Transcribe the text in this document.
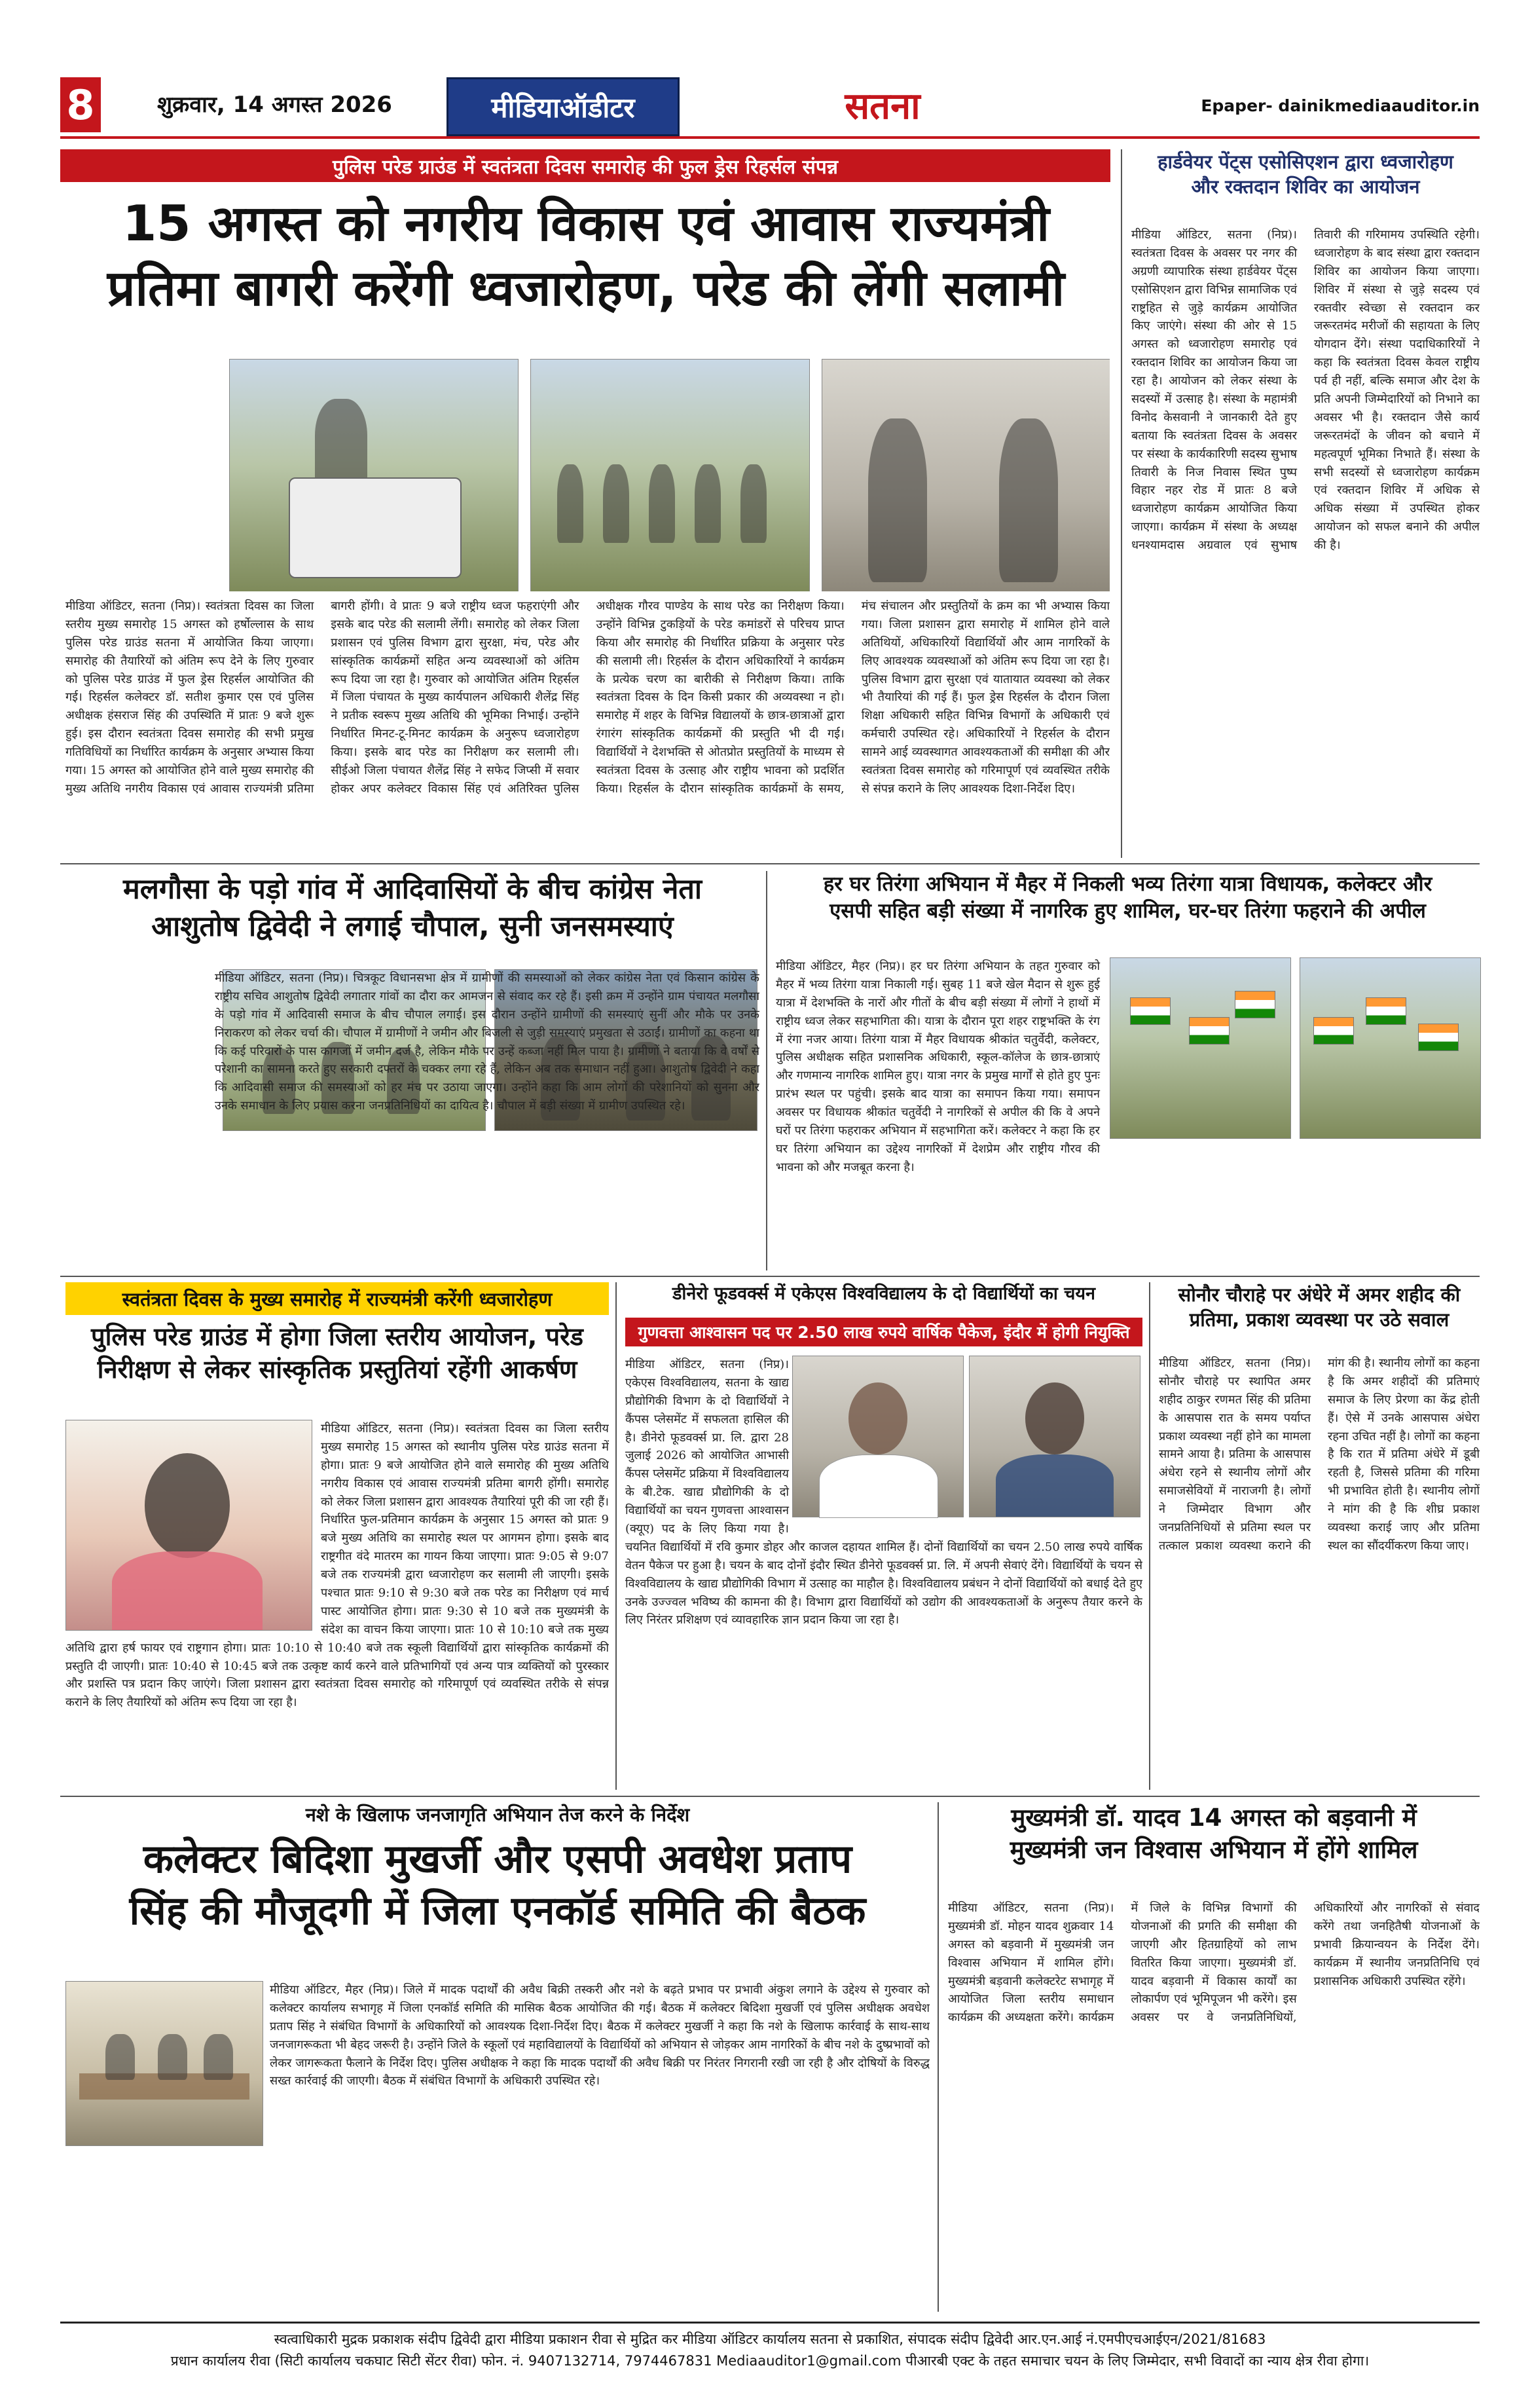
8	शुक्रवार, 14 अगस्त 2026	मीडियाऑडीटर	सतना	Epaper- dainikmediaauditor.in
पुलिस परेड ग्राउंड में स्वतंत्रता दिवस समारोह की फुल ड्रेस रिहर्सल संपन्न
15 अगस्त को नगरीय विकास एवं आवास राज्यमंत्री
प्रतिमा बागरी करेंगी ध्वजारोहण, परेड की लेंगी सलामी
मीडिया ऑडिटर, सतना (निप्र)। स्वतंत्रता दिवस का जिला स्तरीय मुख्य समारोह 15 अगस्त को हर्षोल्लास के साथ पुलिस परेड ग्राउंड सतना में आयोजित किया जाएगा। समारोह की तैयारियों को अंतिम रूप देने के लिए गुरुवार को पुलिस परेड ग्राउंड में फुल ड्रेस रिहर्सल आयोजित की गई। रिहर्सल कलेक्टर डॉ. सतीश कुमार एस एवं पुलिस अधीक्षक हंसराज सिंह की उपस्थिति में प्रातः 9 बजे शुरू हुई। इस दौरान स्वतंत्रता दिवस समारोह की सभी प्रमुख गतिविधियों का निर्धारित कार्यक्रम के अनुसार अभ्यास किया गया। 15 अगस्त को आयोजित होने वाले मुख्य समारोह की मुख्य अतिथि नगरीय विकास एवं आवास राज्यमंत्री प्रतिमा बागरी होंगी। वे प्रातः 9 बजे राष्ट्रीय ध्वज फहराएंगी और इसके बाद परेड की सलामी लेंगी। समारोह को लेकर जिला प्रशासन एवं पुलिस विभाग द्वारा सुरक्षा, मंच, परेड और सांस्कृतिक कार्यक्रमों सहित अन्य व्यवस्थाओं को अंतिम रूप दिया जा रहा है। गुरुवार को आयोजित अंतिम रिहर्सल में जिला पंचायत के मुख्य कार्यपालन अधिकारी शैलेंद्र सिंह ने प्रतीक स्वरूप मुख्य अतिथि की भूमिका निभाई। उन्होंने निर्धारित मिनट-टू-मिनट कार्यक्रम के अनुरूप ध्वजारोहण किया। इसके बाद परेड का निरीक्षण कर सलामी ली। सीईओ जिला पंचायत शैलेंद्र सिंह ने सफेद जिप्सी में सवार होकर अपर कलेक्टर विकास सिंह एवं अतिरिक्त पुलिस अधीक्षक गौरव पाण्डेय के साथ परेड का निरीक्षण किया। उन्होंने विभिन्न टुकड़ियों के परेड कमांडरों से परिचय प्राप्त किया और समारोह की निर्धारित प्रक्रिया के अनुसार परेड की सलामी ली। रिहर्सल के दौरान अधिकारियों ने कार्यक्रम के प्रत्येक चरण का बारीकी से निरीक्षण किया। ताकि स्वतंत्रता दिवस के दिन किसी प्रकार की अव्यवस्था न हो। समारोह में शहर के विभिन्न विद्यालयों के छात्र-छात्राओं द्वारा रंगारंग सांस्कृतिक कार्यक्रमों की प्रस्तुति भी दी गई। विद्यार्थियों ने देशभक्ति से ओतप्रोत प्रस्तुतियों के माध्यम से स्वतंत्रता दिवस के उत्साह और राष्ट्रीय भावना को प्रदर्शित किया। रिहर्सल के दौरान सांस्कृतिक कार्यक्रमों के समय, मंच संचालन और प्रस्तुतियों के क्रम का भी अभ्यास किया गया। जिला प्रशासन द्वारा समारोह में शामिल होने वाले अतिथियों, अधिकारियों विद्यार्थियों और आम नागरिकों के लिए आवश्यक व्यवस्थाओं को अंतिम रूप दिया जा रहा है। पुलिस विभाग द्वारा सुरक्षा एवं यातायात व्यवस्था को लेकर भी तैयारियां की गई हैं। फुल ड्रेस रिहर्सल के दौरान जिला शिक्षा अधिकारी सहित विभिन्न विभागों के अधिकारी एवं कर्मचारी उपस्थित रहे। अधिकारियों ने रिहर्सल के दौरान सामने आई व्यवस्थागत आवश्यकताओं की समीक्षा की और स्वतंत्रता दिवस समारोह को गरिमापूर्ण एवं व्यवस्थित तरीके से संपन्न कराने के लिए आवश्यक दिशा-निर्देश दिए।
हार्डवेयर पेंट्स एसोसिएशन द्वारा ध्वजारोहण
और रक्तदान शिविर का आयोजन
मीडिया ऑडिटर, सतना (निप्र)। स्वतंत्रता दिवस के अवसर पर नगर की अग्रणी व्यापारिक संस्था हार्डवेयर पेंट्स एसोसिएशन द्वारा विभिन्न सामाजिक एवं राष्ट्रहित से जुड़े कार्यक्रम आयोजित किए जाएंगे। संस्था की ओर से 15 अगस्त को ध्वजारोहण समारोह एवं रक्तदान शिविर का आयोजन किया जा रहा है। आयोजन को लेकर संस्था के सदस्यों में उत्साह है। संस्था के महामंत्री विनोद केसवानी ने जानकारी देते हुए बताया कि स्वतंत्रता दिवस के अवसर पर संस्था के कार्यकारिणी सदस्य सुभाष तिवारी के निज निवास स्थित पुष्प विहार नहर रोड में प्रातः 8 बजे ध्वजारोहण कार्यक्रम आयोजित किया जाएगा। कार्यक्रम में संस्था के अध्यक्ष धनश्यामदास अग्रवाल एवं सुभाष तिवारी की गरिमामय उपस्थिति रहेगी। ध्वजारोहण के बाद संस्था द्वारा रक्तदान शिविर का आयोजन किया जाएगा। शिविर में संस्था से जुड़े सदस्य एवं रक्तवीर स्वेच्छा से रक्तदान कर जरूरतमंद मरीजों की सहायता के लिए योगदान देंगे। संस्था पदाधिकारियों ने कहा कि स्वतंत्रता दिवस केवल राष्ट्रीय पर्व ही नहीं, बल्कि समाज और देश के प्रति अपनी जिम्मेदारियों को निभाने का अवसर भी है। रक्तदान जैसे कार्य जरूरतमंदों के जीवन को बचाने में महत्वपूर्ण भूमिका निभाते हैं। संस्था के सभी सदस्यों से ध्वजारोहण कार्यक्रम एवं रक्तदान शिविर में अधिक से अधिक संख्या में उपस्थित होकर आयोजन को सफल बनाने की अपील की है।
मलगौसा के पड़ो गांव में आदिवासियों के बीच कांग्रेस नेता
आशुतोष द्विवेदी ने लगाई चौपाल, सुनी जनसमस्याएं
मीडिया ऑडिटर, सतना (निप्र)। चित्रकूट विधानसभा क्षेत्र में ग्रामीणों की समस्याओं को लेकर कांग्रेस नेता एवं किसान कांग्रेस के राष्ट्रीय सचिव आशुतोष द्विवेदी लगातार गांवों का दौरा कर आमजन से संवाद कर रहे हैं। इसी क्रम में उन्होंने ग्राम पंचायत मलगौसा के पड़ो गांव में आदिवासी समाज के बीच चौपाल लगाई। इस दौरान उन्होंने ग्रामीणों की समस्याएं सुनीं और मौके पर उनके निराकरण को लेकर चर्चा की। चौपाल में ग्रामीणों ने जमीन और बिजली से जुड़ी समस्याएं प्रमुखता से उठाईं। ग्रामीणों का कहना था कि कई परिवारों के पास कागजों में जमीन दर्ज है, लेकिन मौके पर उन्हें कब्जा नहीं मिल पाया है। ग्रामीणों ने बताया कि वे वर्षों से परेशानी का सामना करते हुए सरकारी दफ्तरों के चक्कर लगा रहे हैं, लेकिन अब तक समाधान नहीं हुआ। आशुतोष द्विवेदी ने कहा कि आदिवासी समाज की समस्याओं को हर मंच पर उठाया जाएगा। उन्होंने कहा कि आम लोगों की परेशानियों को सुनना और उनके समाधान के लिए प्रयास करना जनप्रतिनिधियों का दायित्व है। चौपाल में बड़ी संख्या में ग्रामीण उपस्थित रहे।
हर घर तिरंगा अभियान में मैहर में निकली भव्य तिरंगा यात्रा विधायक, कलेक्टर और
एसपी सहित बड़ी संख्या में नागरिक हुए शामिल, घर-घर तिरंगा फहराने की अपील
मीडिया ऑडिटर, मैहर (निप्र)। हर घर तिरंगा अभियान के तहत गुरुवार को मैहर में भव्य तिरंगा यात्रा निकाली गई। सुबह 11 बजे खेल मैदान से शुरू हुई यात्रा में देशभक्ति के नारों और गीतों के बीच बड़ी संख्या में लोगों ने हाथों में राष्ट्रीय ध्वज लेकर सहभागिता की। यात्रा के दौरान पूरा शहर राष्ट्रभक्ति के रंग में रंगा नजर आया। तिरंगा यात्रा में मैहर विधायक श्रीकांत चतुर्वेदी, कलेक्टर, पुलिस अधीक्षक सहित प्रशासनिक अधिकारी, स्कूल-कॉलेज के छात्र-छात्राएं और गणमान्य नागरिक शामिल हुए। यात्रा नगर के प्रमुख मार्गों से होते हुए पुनः प्रारंभ स्थल पर पहुंची। इसके बाद यात्रा का समापन किया गया। समापन अवसर पर विधायक श्रीकांत चतुर्वेदी ने नागरिकों से अपील की कि वे अपने घरों पर तिरंगा फहराकर अभियान में सहभागिता करें। कलेक्टर ने कहा कि हर घर तिरंगा अभियान का उद्देश्य नागरिकों में देशप्रेम और राष्ट्रीय गौरव की भावना को और मजबूत करना है।
स्वतंत्रता दिवस के मुख्य समारोह में राज्यमंत्री करेंगी ध्वजारोहण
पुलिस परेड ग्राउंड में होगा जिला स्तरीय आयोजन, परेड
निरीक्षण से लेकर सांस्कृतिक प्रस्तुतियां रहेंगी आकर्षण
मीडिया ऑडिटर, सतना (निप्र)। स्वतंत्रता दिवस का जिला स्तरीय मुख्य समारोह 15 अगस्त को स्थानीय पुलिस परेड ग्राउंड सतना में होगा। प्रातः 9 बजे आयोजित होने वाले समारोह की मुख्य अतिथि नगरीय विकास एवं आवास राज्यमंत्री प्रतिमा बागरी होंगी। समारोह को लेकर जिला प्रशासन द्वारा आवश्यक तैयारियां पूरी की जा रही हैं। निर्धारित फुल-प्रतिमान कार्यक्रम के अनुसार 15 अगस्त को प्रातः 9 बजे मुख्य अतिथि का समारोह स्थल पर आगमन होगा। इसके बाद राष्ट्रगीत वंदे मातरम का गायन किया जाएगा। प्रातः 9:05 से 9:07 बजे तक राज्यमंत्री द्वारा ध्वजारोहण कर सलामी ली जाएगी। इसके पश्चात प्रातः 9:10 से 9:30 बजे तक परेड का निरीक्षण एवं मार्च पास्ट आयोजित होगा। प्रातः 9:30 से 10 बजे तक मुख्यमंत्री के संदेश का वाचन किया जाएगा। प्रातः 10 से 10:10 बजे तक मुख्य अतिथि द्वारा हर्ष फायर एवं राष्ट्रगान होगा। प्रातः 10:10 से 10:40 बजे तक स्कूली विद्यार्थियों द्वारा सांस्कृतिक कार्यक्रमों की प्रस्तुति दी जाएगी। प्रातः 10:40 से 10:45 बजे तक उत्कृष्ट कार्य करने वाले प्रतिभागियों एवं अन्य पात्र व्यक्तियों को पुरस्कार और प्रशस्ति पत्र प्रदान किए जाएंगे। जिला प्रशासन द्वारा स्वतंत्रता दिवस समारोह को गरिमापूर्ण एवं व्यवस्थित तरीके से संपन्न कराने के लिए तैयारियों को अंतिम रूप दिया जा रहा है।
डीनेरो फूडवर्क्स में एकेएस विश्वविद्यालय के दो विद्यार्थियों का चयन
गुणवत्ता आश्वासन पद पर 2.50 लाख रुपये वार्षिक पैकेज, इंदौर में होगी नियुक्ति
मीडिया ऑडिटर, सतना (निप्र)। एकेएस विश्वविद्यालय, सतना के खाद्य प्रौद्योगिकी विभाग के दो विद्यार्थियों ने कैंपस प्लेसमेंट में सफलता हासिल की है। डीनेरो फूडवर्क्स प्रा. लि. द्वारा 28 जुलाई 2026 को आयोजित आभासी कैंपस प्लेसमेंट प्रक्रिया में विश्वविद्यालय के बी.टेक. खाद्य प्रौद्योगिकी के दो विद्यार्थियों का चयन गुणवत्ता आश्वासन (क्यूए) पद के लिए किया गया है। चयनित विद्यार्थियों में रवि कुमार डोहर और काजल दहायत शामिल हैं। दोनों विद्यार्थियों का चयन 2.50 लाख रुपये वार्षिक वेतन पैकेज पर हुआ है। चयन के बाद दोनों इंदौर स्थित डीनेरो फूडवर्क्स प्रा. लि. में अपनी सेवाएं देंगे। विद्यार्थियों के चयन से विश्वविद्यालय के खाद्य प्रौद्योगिकी विभाग में उत्साह का माहौल है। विश्वविद्यालय प्रबंधन ने दोनों विद्यार्थियों को बधाई देते हुए उनके उज्ज्वल भविष्य की कामना की है। विभाग द्वारा विद्यार्थियों को उद्योग की आवश्यकताओं के अनुरूप तैयार करने के लिए निरंतर प्रशिक्षण एवं व्यावहारिक ज्ञान प्रदान किया जा रहा है।
सोनौर चौराहे पर अंधेरे में अमर शहीद की
प्रतिमा, प्रकाश व्यवस्था पर उठे सवाल
मीडिया ऑडिटर, सतना (निप्र)। सोनौर चौराहे पर स्थापित अमर शहीद ठाकुर रणमत सिंह की प्रतिमा के आसपास रात के समय पर्याप्त प्रकाश व्यवस्था नहीं होने का मामला सामने आया है। प्रतिमा के आसपास अंधेरा रहने से स्थानीय लोगों और समाजसेवियों में नाराजगी है। लोगों ने जिम्मेदार विभाग और जनप्रतिनिधियों से प्रतिमा स्थल पर तत्काल प्रकाश व्यवस्था कराने की मांग की है। स्थानीय लोगों का कहना है कि अमर शहीदों की प्रतिमाएं समाज के लिए प्रेरणा का केंद्र होती हैं। ऐसे में उनके आसपास अंधेरा रहना उचित नहीं है। लोगों का कहना है कि रात में प्रतिमा अंधेरे में डूबी रहती है, जिससे प्रतिमा की गरिमा भी प्रभावित होती है। स्थानीय लोगों ने मांग की है कि शीघ्र प्रकाश व्यवस्था कराई जाए और प्रतिमा स्थल का सौंदर्यीकरण किया जाए।
नशे के खिलाफ जनजागृति अभियान तेज करने के निर्देश
कलेक्टर बिदिशा मुखर्जी और एसपी अवधेश प्रताप
सिंह की मौजूदगी में जिला एनकॉर्ड समिति की बैठक
मीडिया ऑडिटर, मैहर (निप्र)। जिले में मादक पदार्थों की अवैध बिक्री तस्करी और नशे के बढ़ते प्रभाव पर प्रभावी अंकुश लगाने के उद्देश्य से गुरुवार को कलेक्टर कार्यालय सभागृह में जिला एनकॉर्ड समिति की मासिक बैठक आयोजित की गई। बैठक में कलेक्टर बिदिशा मुखर्जी एवं पुलिस अधीक्षक अवधेश प्रताप सिंह ने संबंधित विभागों के अधिकारियों को आवश्यक दिशा-निर्देश दिए। बैठक में कलेक्टर मुखर्जी ने कहा कि नशे के खिलाफ कार्रवाई के साथ-साथ जनजागरूकता भी बेहद जरूरी है। उन्होंने जिले के स्कूलों एवं महाविद्यालयों के विद्यार्थियों को अभियान से जोड़कर आम नागरिकों के बीच नशे के दुष्प्रभावों को लेकर जागरूकता फैलाने के निर्देश दिए। पुलिस अधीक्षक ने कहा कि मादक पदार्थों की अवैध बिक्री पर निरंतर निगरानी रखी जा रही है और दोषियों के विरुद्ध सख्त कार्रवाई की जाएगी। बैठक में संबंधित विभागों के अधिकारी उपस्थित रहे।
मुख्यमंत्री डॉ. यादव 14 अगस्त को बड़वानी में
मुख्यमंत्री जन विश्वास अभियान में होंगे शामिल
मीडिया ऑडिटर, सतना (निप्र)। मुख्यमंत्री डॉ. मोहन यादव शुक्रवार 14 अगस्त को बड़वानी में मुख्यमंत्री जन विश्वास अभियान में शामिल होंगे। मुख्यमंत्री बड़वानी कलेक्टरेट सभागृह में आयोजित जिला स्तरीय समाधान कार्यक्रम की अध्यक्षता करेंगे। कार्यक्रम में जिले के विभिन्न विभागों की योजनाओं की प्रगति की समीक्षा की जाएगी और हितग्राहियों को लाभ वितरित किया जाएगा। मुख्यमंत्री डॉ. यादव बड़वानी में विकास कार्यों का लोकार्पण एवं भूमिपूजन भी करेंगे। इस अवसर पर वे जनप्रतिनिधियों, अधिकारियों और नागरिकों से संवाद करेंगे तथा जनहितैषी योजनाओं के प्रभावी क्रियान्वयन के निर्देश देंगे। कार्यक्रम में स्थानीय जनप्रतिनिधि एवं प्रशासनिक अधिकारी उपस्थित रहेंगे।
स्वत्वाधिकारी मुद्रक प्रकाशक संदीप द्विवेदी द्वारा मीडिया प्रकाशन रीवा से मुद्रित कर मीडिया ऑडिटर कार्यालय सतना से प्रकाशित, संपादक संदीप द्विवेदी आर.एन.आई नं.एमपीएचआईएन/2021/81683
प्रधान कार्यालय रीवा (सिटी कार्यालय चकघाट सिटी सेंटर रीवा) फोन. नं. 9407132714, 7974467831 Mediaauditor1@gmail.com पीआरबी एक्ट के तहत समाचार चयन के लिए जिम्मेदार, सभी विवादों का न्याय क्षेत्र रीवा होगा।
